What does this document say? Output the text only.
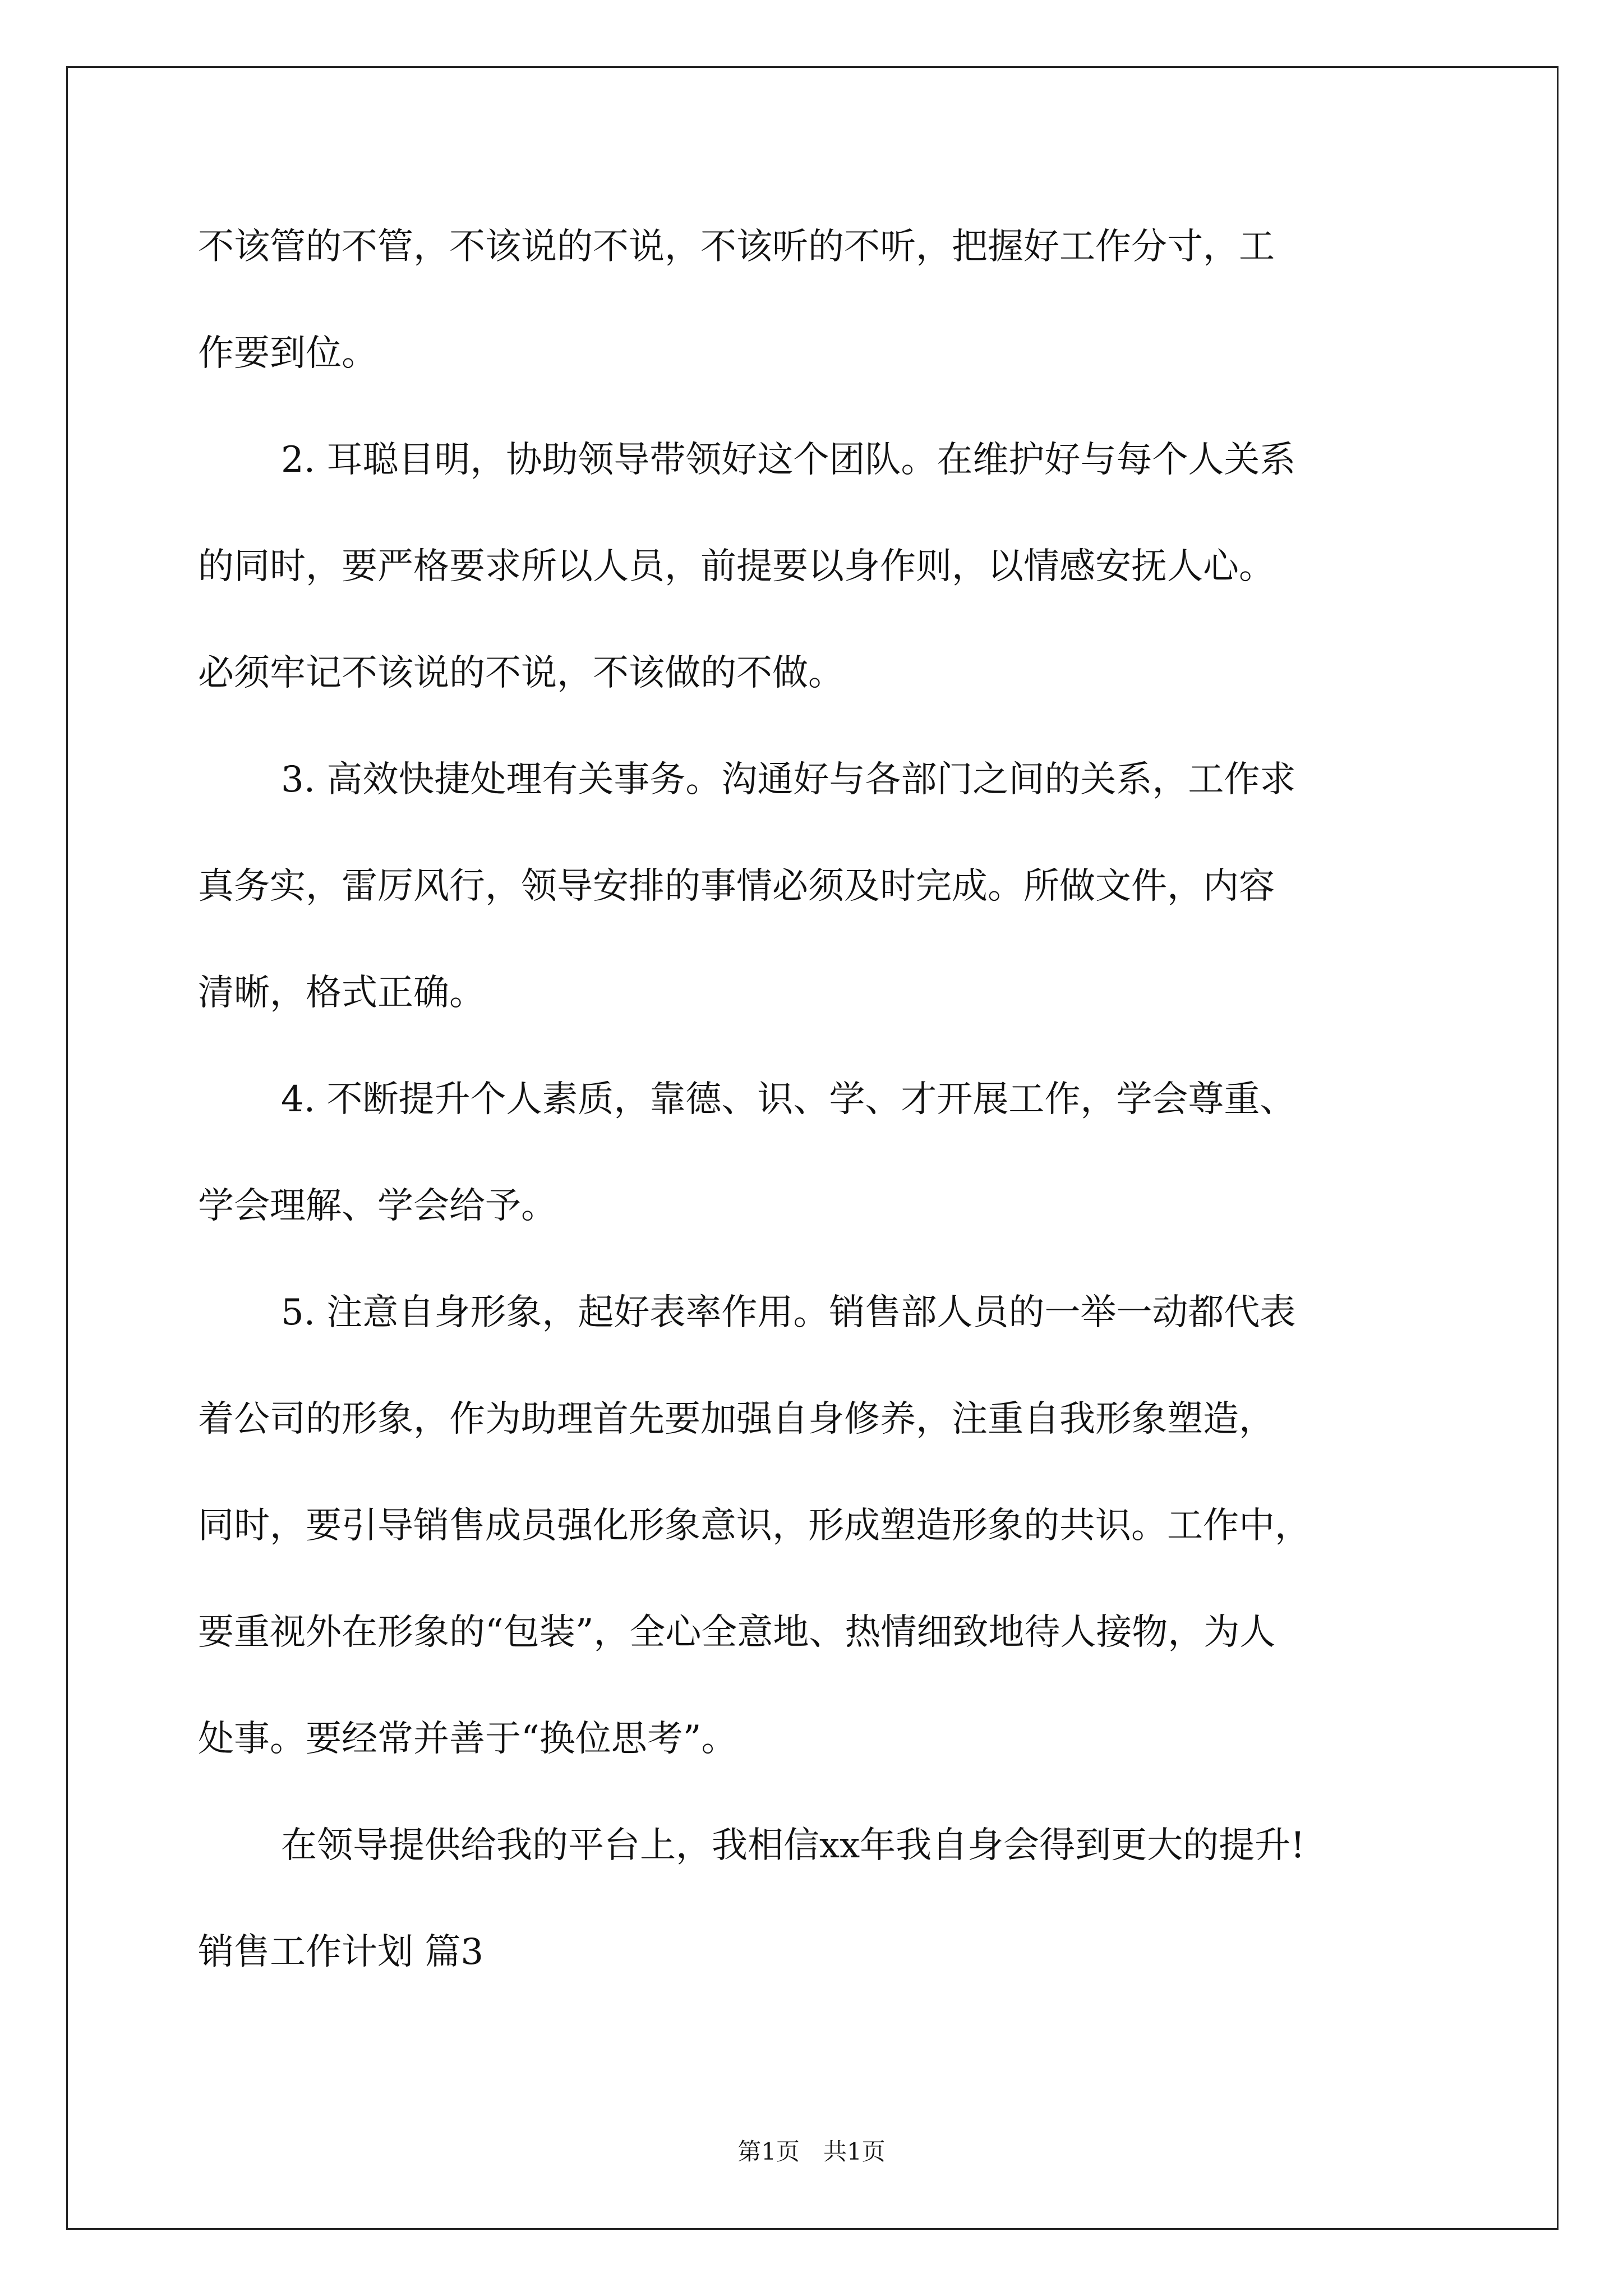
不该管的不管，不该说的不说，不该听的不听，把握好工作分寸，工
作要到位。
2. 耳聪目明，协助领导带领好这个团队。在维护好与每个人关系
的同时，要严格要求所以人员，前提要以身作则，以情感安抚人心。
必须牢记不该说的不说，不该做的不做。
3. 高效快捷处理有关事务。沟通好与各部门之间的关系，工作求
真务实，雷厉风行，领导安排的事情必须及时完成。所做文件，内容
清晰，格式正确。
4. 不断提升个人素质，靠德、识、学、才开展工作，学会尊重、
学会理解、学会给予。
5. 注意自身形象，起好表率作用。销售部人员的一举一动都代表
着公司的形象，作为助理首先要加强自身修养，注重自我形象塑造，
同时，要引导销售成员强化形象意识，形成塑造形象的共识。工作中，
要重视外在形象的“包装”，全心全意地、热情细致地待人接物，为人
处事。要经常并善于“换位思考”。
在领导提供给我的平台上，我相信xx年我自身会得到更大的提升!
销售工作计划 篇3
第1页　共1页
